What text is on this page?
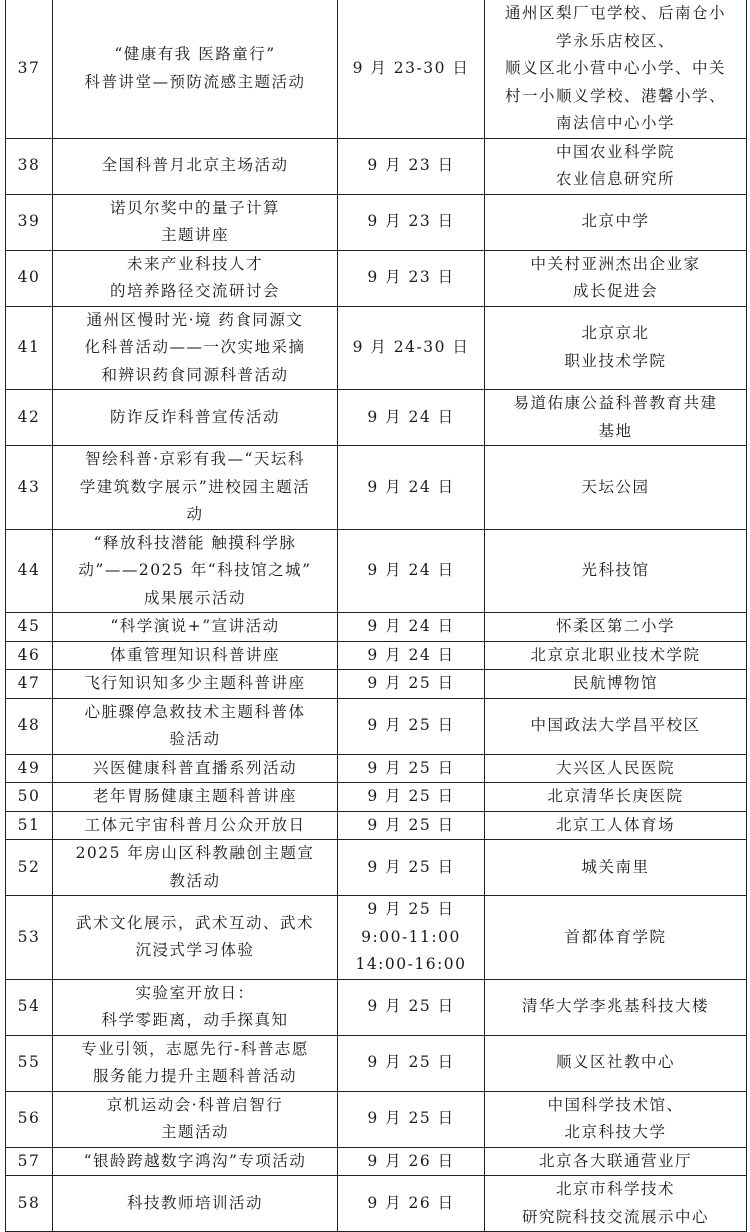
37	“健康有我 医路童行”
科普讲堂—预防流感主题活动	9 月 23-30 日	通州区梨厂屯学校、后南仓小
学永乐店校区、
顺义区北小营中心小学、中关
村一小顺义学校、港馨小学、
南法信中心小学
38	全国科普月北京主场活动	9 月 23 日	中国农业科学院
农业信息研究所
39	诺贝尔奖中的量子计算
主题讲座	9 月 23 日	北京中学
40	未来产业科技人才
的培养路径交流研讨会	9 月 23 日	中关村亚洲杰出企业家
成长促进会
41	通州区慢时光·境 药食同源文
化科普活动——一次实地采摘
和辨识药食同源科普活动	9 月 24-30 日	北京京北
职业技术学院
42	防诈反诈科普宣传活动	9 月 24 日	易道佑康公益科普教育共建
基地
43	智绘科普·京彩有我—“天坛科
学建筑数字展示”进校园主题活
动	9 月 24 日	天坛公园
44	“释放科技潜能 触摸科学脉
动”——2025 年“科技馆之城”
成果展示活动	9 月 24 日	光科技馆
45	“科学演说+”宣讲活动	9 月 24 日	怀柔区第二小学
46	体重管理知识科普讲座	9 月 24 日	北京京北职业技术学院
47	飞行知识知多少主题科普讲座	9 月 25 日	民航博物馆
48	心脏骤停急救技术主题科普体
验活动	9 月 25 日	中国政法大学昌平校区
49	兴医健康科普直播系列活动	9 月 25 日	大兴区人民医院
50	老年胃肠健康主题科普讲座	9 月 25 日	北京清华长庚医院
51	工体元宇宙科普月公众开放日	9 月 25 日	北京工人体育场
52	2025 年房山区科教融创主题宣
教活动	9 月 25 日	城关南里
53	武术文化展示，武术互动、武术
沉浸式学习体验	9 月 25 日
9:00-11:00
14:00-16:00	首都体育学院
54	实验室开放日：
科学零距离，动手探真知	9 月 25 日	清华大学李兆基科技大楼
55	专业引领，志愿先行-科普志愿
服务能力提升主题科普活动	9 月 25 日	顺义区社教中心
56	京机运动会·科普启智行
主题活动	9 月 25 日	中国科学技术馆、
北京科技大学
57	“银龄跨越数字鸿沟”专项活动	9 月 26 日	北京各大联通营业厅
58	科技教师培训活动	9 月 26 日	北京市科学技术
研究院科技交流展示中心
